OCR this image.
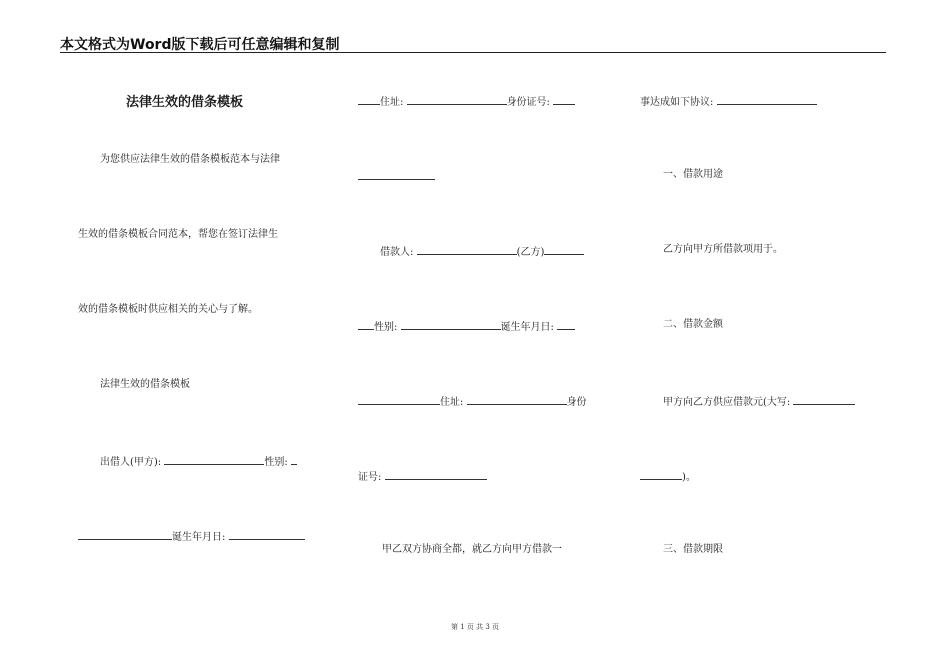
本文格式为Word版下载后可任意编辑和复制
法律生效的借条模板
为您供应法律生效的借条模板范本与法律
生效的借条模板合同范本，帮您在签订法律生
效的借条模板时供应相关的关心与了解。
法律生效的借条模板
出借人(甲方):	性别:
诞生年月日:
住址:	身份证号:
借款人:	(乙方)
性别:	诞生年月日:
住址:	身份
证号:
甲乙双方协商全都，就乙方向甲方借款一
事达成如下协议:
一、借款用途
乙方向甲方所借款项用于。
二、借款金额
甲方向乙方供应借款元(大写:
)。
三、借款期限
第 1 页 共 3 页
